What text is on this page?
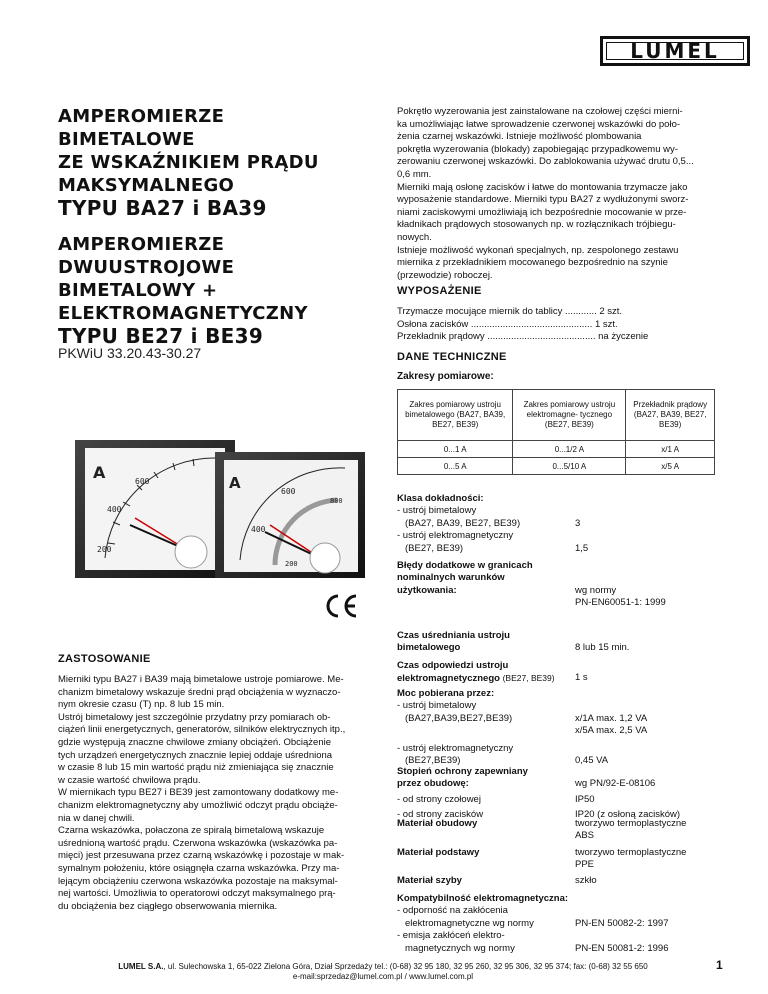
LUMEL
AMPEROMIERZE
BIMETALOWE
ZE WSKAŹNIKIEM PRĄDU
MAKSYMALNEGO
TYPU BA27 i BA39
AMPEROMIERZE
DWUUSTROJOWE
BIMETALOWY +
ELEKTROMAGNETYCZNY
TYPU BE27 i BE39
PKWiU 33.20.43-30.27
A	600
400
200
A	600
800
400
200
ZASTOSOWANIE

Mierniki typu BA27 i BA39 mają bimetalowe ustroje pomiarowe. Me-

chanizm bimetalowy wskazuje średni prąd obciążenia w wyznaczo-

nym okresie czasu (T) np. 8 lub 15 min.

Ustrój bimetalowy jest szczególnie przydatny przy pomiarach ob-

ciążeń linii energetycznych, generatorów, silników elektrycznych itp.,

gdzie występują znaczne chwilowe zmiany obciążeń. Obciążenie

tych urządzeń energetycznych znacznie lepiej oddaje uśredniona

w czasie 8 lub 15 min wartość prądu niż zmieniająca się znacznie

w czasie wartość chwilowa prądu.

W miernikach typu BE27 i BE39 jest zamontowany dodatkowy me-

chanizm elektromagnetyczny aby umożliwić odczyt prądu obciąże-

nia w danej chwili.

Czarna wskazówka, połaczona ze spiralą bimetalową wskazuje

uśrednioną wartość prądu. Czerwona wskazówka (wskazówka pa-

mięci) jest przesuwana przez czarną wskazówkę i pozostaje w mak-

symalnym położeniu, które osiągnęła czarna wskazówka. Przy ma-

lejącym obciążeniu czerwona wskazówka pozostaje na maksymal-

nej wartości. Umożliwia to operatorowi odczyt maksymalnego prą-

du obciążenia bez ciągłego obserwowania miernika.

Pokrętło wyzerowania jest zainstalowane na czołowej części mierni-

ka umożliwiając łatwe sprowadzenie czerwonej wskazówki do poło-

żenia czarnej wskazówki. Istnieje możliwość plombowania

pokrętła wyzerowania (blokady) zapobiegając przypadkowemu wy-

zerowaniu czerwonej wskazówki. Do zablokowania używać drutu 0,5...

0,6 mm.

Mierniki mają osłonę zacisków i łatwe do montowania trzymacze jako

wyposażenie standardowe. Mierniki typu BA27 z wydłużonymi sworz-

niami zaciskowymi umożliwiają ich bezpośrednie mocowanie w prze-

kładnikach prądowych stosowanych np. w rozłącznikach trójbiegu-

nowych.

Istnieje możliwość wykonań specjalnych, np. zespolonego zestawu

miernika z przekładnikiem mocowanego bezpośrednio na szynie

(przewodzie) roboczej.

WYPOSAŻENIE

Trzymacze mocujące miernik do tablicy ............ 2 szt.

Osłona zacisków .............................................. 1 szt.

Przekładnik prądowy ......................................... na życzenie

DANE TECHNICZNE
Zakresy pomiarowe:
Zakres pomiarowy ustroju bimetalowego (BA27, BA39, BE27, BE39)	Zakres pomiarowy ustroju elektromagne- tycznego (BE27, BE39)	Przekładnik prądowy (BA27, BA39, BE27, BE39)
0...1 A	0...1/2 A	x/1 A
0...5 A	0...5/10 A	x/5 A
Klasa dokładności:
- ustrój bimetalowy
(BA27, BA39, BE27, BE39)	3
- ustrój elektromagnetyczny
(BE27, BE39)	1,5
Błędy dodatkowe w granicach
nominalnych warunków
użytkowania:	wg normy
PN-EN60051-1: 1999
Czas uśredniania ustroju
bimetalowego	8 lub 15 min.
Czas odpowiedzi ustroju
elektromagnetycznego (BE27, BE39) 1 s
Moc pobierana przez:
- ustrój bimetalowy
(BA27,BA39,BE27,BE39)	x/1A max. 1,2 VA
x/5A max. 2,5 VA
- ustrój elektromagnetyczny
(BE27,BE39)	0,45 VA
Stopień ochrony zapewniany
przez obudowę:	wg PN/92-E-08106
- od strony czołowej	IP50
- od strony zacisków	IP20 (z osłoną zacisków)
Materiał obudowy	tworzywo termoplastyczne
ABS
Materiał podstawy	tworzywo termoplastyczne
PPE
Materiał szyby	szkło
Kompatybilność elektromagnetyczna:
- odporność na zakłócenia
elektromagnetyczne wg normy	PN-EN 50082-2: 1997
- emisja zakłóceń elektro-
magnetycznych wg normy	PN-EN 50081-2: 1996
LUMEL S.A., ul. Sulechowska 1, 65-022 Zielona Góra, Dział Sprzedaży tel.: (0-68) 32 95 180, 32 95 260, 32 95 306, 32 95 374; fax: (0-68) 32 55 650
e-mail:sprzedaz@lumel.com.pl / www.lumel.com.pl
1
